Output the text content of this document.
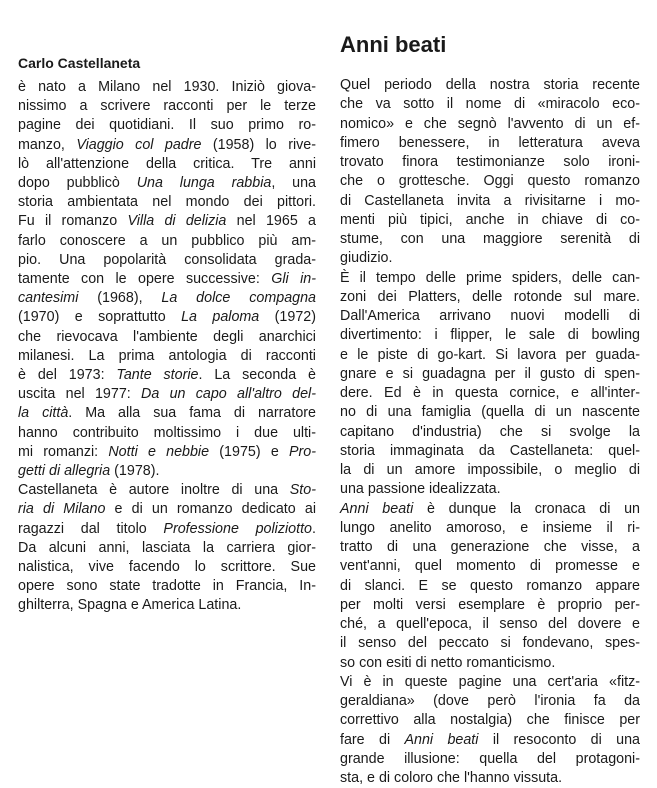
Carlo Castellaneta
è nato a Milano nel 1930. Iniziò giova-
nissimo a scrivere racconti per le terze
pagine dei quotidiani. Il suo primo ro-
manzo, Viaggio col padre (1958) lo rive-
lò all'attenzione della critica. Tre anni
dopo pubblicò Una lunga rabbia, una
storia ambientata nel mondo dei pittori.
Fu il romanzo Villa di delizia nel 1965 a
farlo conoscere a un pubblico più am-
pio. Una popolarità consolidata grada-
tamente con le opere successive: Gli in-
cantesimi (1968), La dolce compagna
(1970) e soprattutto La paloma (1972)
che rievocava l'ambiente degli anarchici
milanesi. La prima antologia di racconti
è del 1973: Tante storie. La seconda è
uscita nel 1977: Da un capo all'altro del-
la città. Ma alla sua fama di narratore
hanno contribuito moltissimo i due ulti-
mi romanzi: Notti e nebbie (1975) e Pro-
getti di allegria (1978).
Castellaneta è autore inoltre di una Sto-
ria di Milano e di un romanzo dedicato ai
ragazzi dal titolo Professione poliziotto.
Da alcuni anni, lasciata la carriera gior-
nalistica, vive facendo lo scrittore. Sue
opere sono state tradotte in Francia, In-
ghilterra, Spagna e America Latina.
Anni beati
Quel periodo della nostra storia recente
che va sotto il nome di «miracolo eco-
nomico» e che segnò l'avvento di un ef-
fimero benessere, in letteratura aveva
trovato finora testimonianze solo ironi-
che o grottesche. Oggi questo romanzo
di Castellaneta invita a rivisitarne i mo-
menti più tipici, anche in chiave di co-
stume, con una maggiore serenità di
giudizio.
È il tempo delle prime spiders, delle can-
zoni dei Platters, delle rotonde sul mare.
Dall'America arrivano nuovi modelli di
divertimento: i flipper, le sale di bowling
e le piste di go-kart. Si lavora per guada-
gnare e si guadagna per il gusto di spen-
dere. Ed è in questa cornice, e all'inter-
no di una famiglia (quella di un nascente
capitano d'industria) che si svolge la
storia immaginata da Castellaneta: quel-
la di un amore impossibile, o meglio di
una passione idealizzata.
Anni beati è dunque la cronaca di un
lungo anelito amoroso, e insieme il ri-
tratto di una generazione che visse, a
vent'anni, quel momento di promesse e
di slanci. E se questo romanzo appare
per molti versi esemplare è proprio per-
ché, a quell'epoca, il senso del dovere e
il senso del peccato si fondevano, spes-
so con esiti di netto romanticismo.
Vi è in queste pagine una cert'aria «fitz-
geraldiana» (dove però l'ironia fa da
correttivo alla nostalgia) che finisce per
fare di Anni beati il resoconto di una
grande illusione: quella del protagoni-
sta, e di coloro che l'hanno vissuta.
